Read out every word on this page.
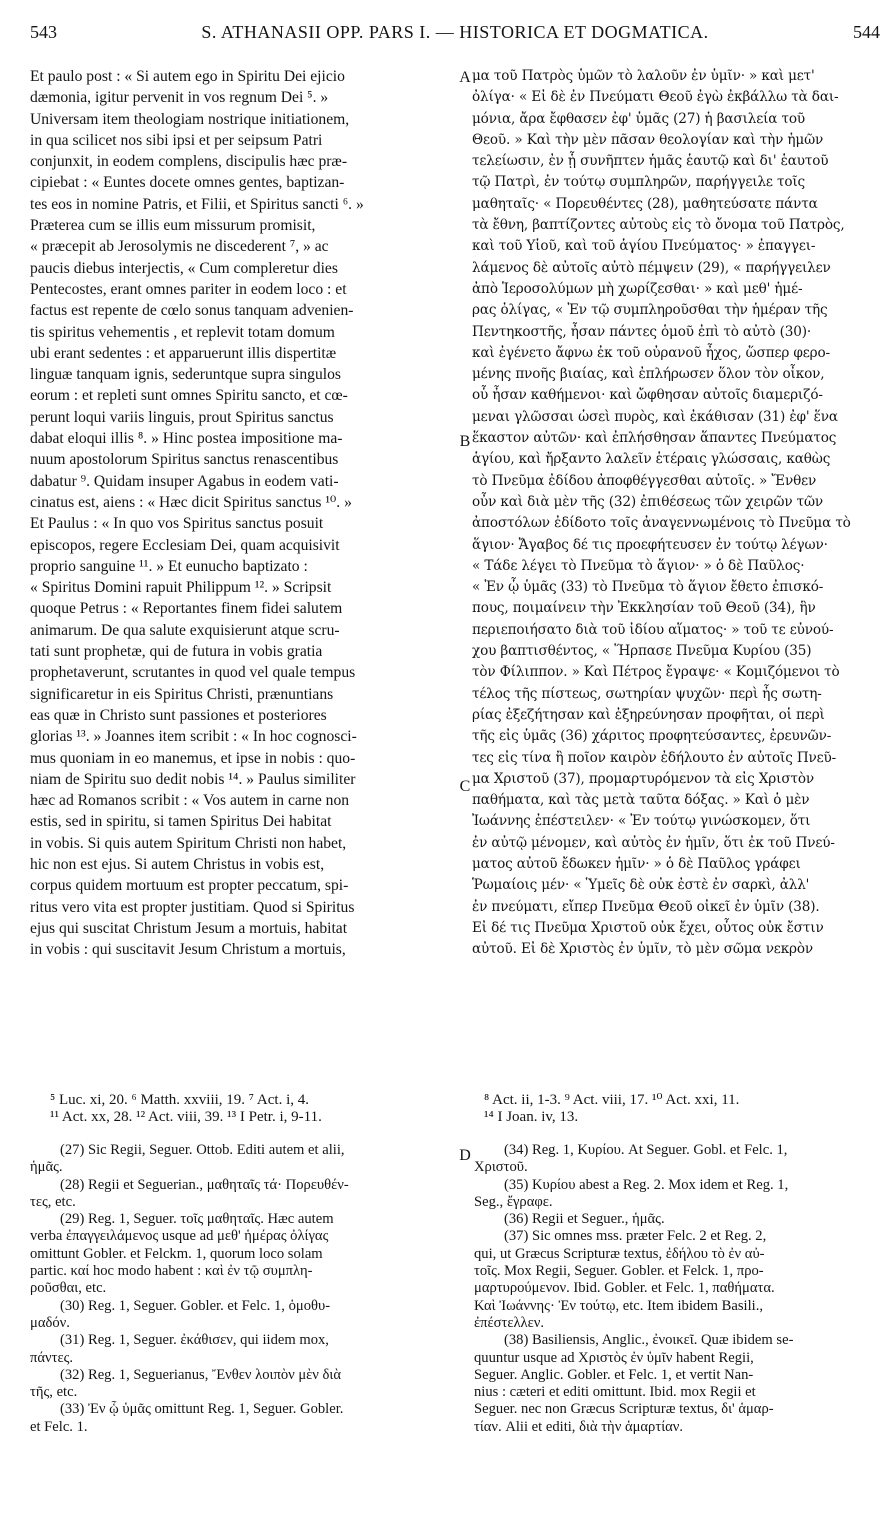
543	S. ATHANASII OPP. PARS I. — HISTORICA ET DOGMATICA.	544
Et paulo post : « Si autem ego in Spiritu Dei ejicio
dæmonia, igitur pervenit in vos regnum Dei ⁵. »
Universam item theologiam nostrique initiationem,
in qua scilicet nos sibi ipsi et per seipsum Patri
conjunxit, in eodem complens, discipulis hæc præ-
cipiebat : « Euntes docete omnes gentes, baptizan-
tes eos in nomine Patris, et Filii, et Spiritus sancti ⁶. »
Præterea cum se illis eum missurum promisit,
« præcepit ab Jerosolymis ne discederent ⁷, » ac
paucis diebus interjectis, « Cum compleretur dies
Pentecostes, erant omnes pariter in eodem loco : et
factus est repente de cœlo sonus tanquam advenien-
tis spiritus vehementis , et replevit totam domum
ubi erant sedentes : et apparuerunt illis dispertitæ
linguæ tanquam ignis, sederuntque supra singulos
eorum : et repleti sunt omnes Spiritu sancto, et cœ-
perunt loqui variis linguis, prout Spiritus sanctus
dabat eloqui illis ⁸. » Hinc postea impositione ma-
nuum apostolorum Spiritus sanctus renascentibus
dabatur ⁹. Quidam insuper Agabus in eodem vati-
cinatus est, aiens : « Hæc dicit Spiritus sanctus ¹⁰. »
Et Paulus : « In quo vos Spiritus sanctus posuit
episcopos, regere Ecclesiam Dei, quam acquisivit
proprio sanguine ¹¹. » Et eunucho baptizato :
« Spiritus Domini rapuit Philippum ¹². » Scripsit
quoque Petrus : « Reportantes finem fidei salutem
animarum. De qua salute exquisierunt atque scru-
tati sunt prophetæ, qui de futura in vobis gratia
prophetaverunt, scrutantes in quod vel quale tempus
significaretur in eis Spiritus Christi, prænuntians
eas quæ in Christo sunt passiones et posteriores
glorias ¹³. » Joannes item scribit : « In hoc cognosci-
mus quoniam in eo manemus, et ipse in nobis : quo-
niam de Spiritu suo dedit nobis ¹⁴. » Paulus similiter
hæc ad Romanos scribit : « Vos autem in carne non
estis, sed in spiritu, si tamen Spiritus Dei habitat
in vobis. Si quis autem Spiritum Christi non habet,
hic non est ejus. Si autem Christus in vobis est,
corpus quidem mortuum est propter peccatum, spi-
ritus vero vita est propter justitiam. Quod si Spiritus
ejus qui suscitat Christum Jesum a mortuis, habitat
in vobis : qui suscitavit Jesum Christum a mortuis,
μα τοῦ Πατρὸς ὑμῶν τὸ λαλοῦν ἐν ὑμῖν· » καὶ μετ'
ὀλίγα· « Εἰ δὲ ἐν Πνεύματι Θεοῦ ἐγὼ ἐκβάλλω τὰ δαι-
μόνια, ἄρα ἔφθασεν ἐφ' ὑμᾶς (27) ἡ βασιλεία τοῦ
Θεοῦ. » Καὶ τὴν μὲν πᾶσαν θεολογίαν καὶ τὴν ἡμῶν
τελείωσιν, ἐν ᾗ συνῆπτεν ἡμᾶς ἑαυτῷ καὶ δι' ἑαυτοῦ
τῷ Πατρὶ, ἐν τούτῳ συμπληρῶν, παρήγγειλε τοῖς
μαθηταῖς· « Πορευθέντες (28), μαθητεύσατε πάντα
τὰ ἔθνη, βαπτίζοντες αὐτοὺς εἰς τὸ ὄνομα τοῦ Πατρὸς,
καὶ τοῦ Υἱοῦ, καὶ τοῦ ἁγίου Πνεύματος· » ἐπαγγει-
λάμενος δὲ αὐτοῖς αὐτὸ πέμψειν (29), « παρήγγειλεν
ἀπὸ Ἱεροσολύμων μὴ χωρίζεσθαι· » καὶ μεθ' ἡμέ-
ρας ὀλίγας, « Ἐν τῷ συμπληροῦσθαι τὴν ἡμέραν τῆς
Πεντηκοστῆς, ἦσαν πάντες ὁμοῦ ἐπὶ τὸ αὐτὸ (30)·
καὶ ἐγένετο ἄφνω ἐκ τοῦ οὐρανοῦ ἦχος, ὥσπερ φερο-
μένης πνοῆς βιαίας, καὶ ἐπλήρωσεν ὅλον τὸν οἶκον,
οὗ ἦσαν καθήμενοι· καὶ ὤφθησαν αὐτοῖς διαμεριζό-
μεναι γλῶσσαι ὡσεὶ πυρὸς, καὶ ἐκάθισαν (31) ἐφ' ἕνα
ἕκαστον αὐτῶν· καὶ ἐπλήσθησαν ἅπαντες Πνεύματος
ἁγίου, καὶ ἤρξαντο λαλεῖν ἑτέραις γλώσσαις, καθὼς
τὸ Πνεῦμα ἐδίδου ἀποφθέγγεσθαι αὐτοῖς. » Ἔνθεν
οὖν καὶ διὰ μὲν τῆς (32) ἐπιθέσεως τῶν χειρῶν τῶν
ἀποστόλων ἐδίδοτο τοῖς ἀναγεννωμένοις τὸ Πνεῦμα τὸ
ἅγιον· Ἄγαβος δέ τις προεφήτευσεν ἐν τούτῳ λέγων·
« Τάδε λέγει τὸ Πνεῦμα τὸ ἅγιον· » ὁ δὲ Παῦλος·
« Ἐν ᾧ ὑμᾶς (33) τὸ Πνεῦμα τὸ ἅγιον ἔθετο ἐπισκό-
πους, ποιμαίνειν τὴν Ἐκκλησίαν τοῦ Θεοῦ (34), ἣν
περιεποιήσατο διὰ τοῦ ἰδίου αἵματος· » τοῦ τε εὐνού-
χου βαπτισθέντος, « Ἥρπασε Πνεῦμα Κυρίου (35)
τὸν Φίλιππον. » Καὶ Πέτρος ἔγραψε· « Κομιζόμενοι τὸ
τέλος τῆς πίστεως, σωτηρίαν ψυχῶν· περὶ ἧς σωτη-
ρίας ἐξεζήτησαν καὶ ἐξηρεύνησαν προφῆται, οἱ περὶ
τῆς εἰς ὑμᾶς (36) χάριτος προφητεύσαντες, ἐρευνῶν-
τες εἰς τίνα ἢ ποῖον καιρὸν ἐδήλουτο ἐν αὐτοῖς Πνεῦ-
μα Χριστοῦ (37), προμαρτυρόμενον τὰ εἰς Χριστὸν
παθήματα, καὶ τὰς μετὰ ταῦτα δόξας. » Καὶ ὁ μὲν
Ἰωάννης ἐπέστειλεν· « Ἐν τούτῳ γινώσκομεν, ὅτι
ἐν αὐτῷ μένομεν, καὶ αὐτὸς ἐν ἡμῖν, ὅτι ἐκ τοῦ Πνεύ-
ματος αὐτοῦ ἔδωκεν ἡμῖν· » ὁ δὲ Παῦλος γράφει
Ῥωμαίοις μέν· « Ὑμεῖς δὲ οὐκ ἐστὲ ἐν σαρκὶ, ἀλλ'
ἐν πνεύματι, εἴπερ Πνεῦμα Θεοῦ οἰκεῖ ἐν ὑμῖν (38).
Εἰ δέ τις Πνεῦμα Χριστοῦ οὐκ ἔχει, οὗτος οὐκ ἔστιν
αὐτοῦ. Εἰ δὲ Χριστὸς ἐν ὑμῖν, τὸ μὲν σῶμα νεκρὸν
A
B
C
D
⁵ Luc. xi, 20. ⁶ Matth. xxviii, 19. ⁷ Act. i, 4.
¹¹ Act. xx, 28. ¹² Act. viii, 39. ¹³ I Petr. i, 9-11.
⁸ Act. ii, 1-3. ⁹ Act. viii, 17. ¹⁰ Act. xxi, 11.
¹⁴ I Joan. iv, 13.
(27) Sic Regii, Seguer. Ottob. Editi autem et alii,
ἡμᾶς.
(28) Regii et Seguerian., μαθηταῖς τά· Πορευθέν-
τες, etc.
(29) Reg. 1, Seguer. τοῖς μαθηταῖς. Hæc autem
verba ἐπαγγειλάμενος usque ad μεθ' ἡμέρας ὀλίγας
omittunt Gobler. et Felckm. 1, quorum loco solam
partic. καί hoc modo habent : καὶ ἐν τῷ συμπλη-
ροῦσθαι, etc.
(30) Reg. 1, Seguer. Gobler. et Felc. 1, ὁμοθυ-
μαδόν.
(31) Reg. 1, Seguer. ἐκάθισεν, qui iidem mox,
πάντες.
(32) Reg. 1, Seguerianus, Ἔνθεν λοιπὸν μὲν διὰ
τῆς, etc.
(33) Ἐν ᾧ ὑμᾶς omittunt Reg. 1, Seguer. Gobler.
et Felc. 1.
(34) Reg. 1, Κυρίου. At Seguer. Gobl. et Felc. 1,
Χριστοῦ.
(35) Κυρίου abest a Reg. 2. Mox idem et Reg. 1,
Seg., ἔγραφε.
(36) Regii et Seguer., ἡμᾶς.
(37) Sic omnes mss. præter Felc. 2 et Reg. 2,
qui, ut Græcus Scripturæ textus, ἐδήλου τὸ ἐν αὐ-
τοῖς. Mox Regii, Seguer. Gobler. et Felck. 1, προ-
μαρτυρούμενον. Ibid. Gobler. et Felc. 1, παθήματα.
Καὶ Ἰωάννης· Ἐν τούτῳ, etc. Item ibidem Basili.,
ἐπέστελλεν.
(38) Basiliensis, Anglic., ἐνοικεῖ. Quæ ibidem se-
quuntur usque ad Χριστὸς ἐν ὑμῖν habent Regii,
Seguer. Anglic. Gobler. et Felc. 1, et vertit Nan-
nius : cæteri et editi omittunt. Ibid. mox Regii et
Seguer. nec non Græcus Scripturæ textus, δι' ἁμαρ-
τίαν. Alii et editi, διὰ τὴν ἁμαρτίαν.
